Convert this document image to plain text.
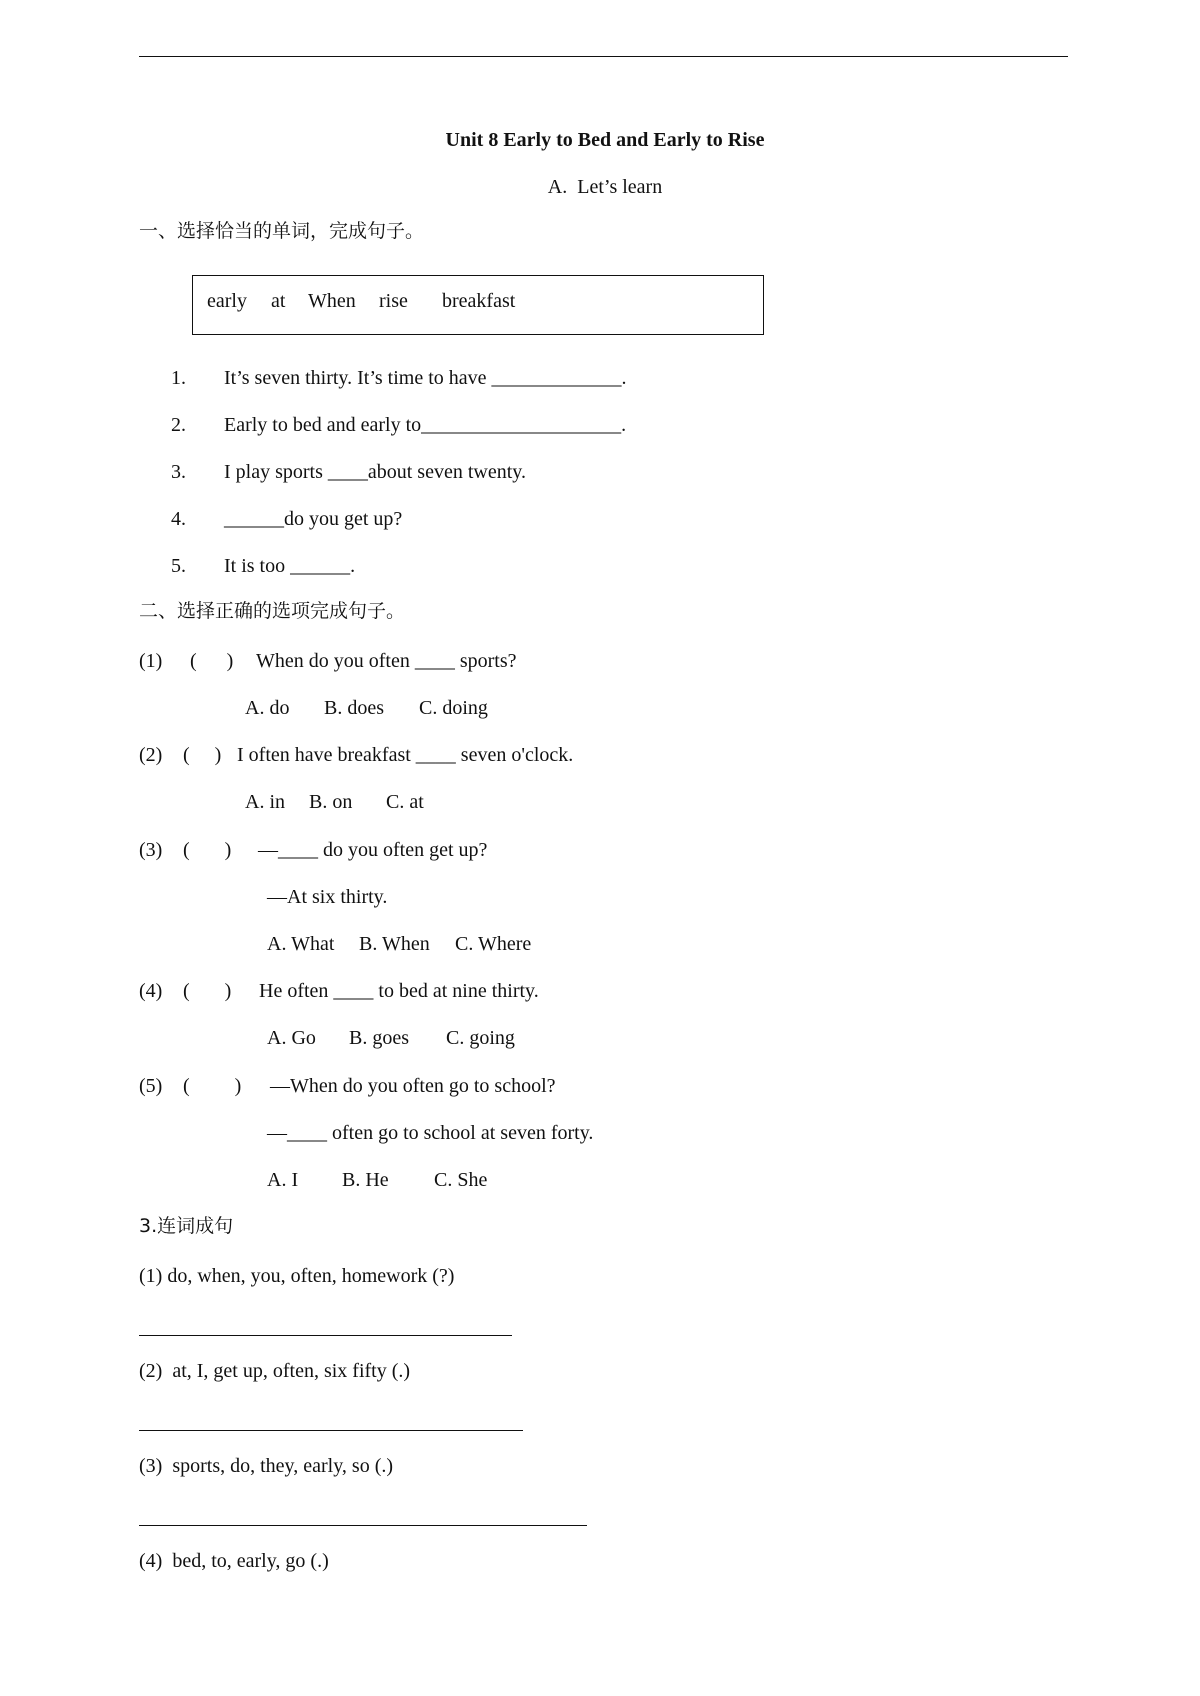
Unit 8 Early to Bed and Early to Rise
A.  Let’s learn
一、选择恰当的单词，完成句子。
early at When rise breakfast
1. It’s seven thirty. It’s time to have _____________.
2. Early to bed and early to____________________.
3. I play sports ____about seven twenty.
4. ______do you get up?
5. It is too ______.
二、选择正确的选项完成句子。
(1) (      ) When do you often ____ sports?
A. do B. does C. doing
(2) (     ) I often have breakfast ____ seven o'clock.
A. in B. on C. at
(3) (       ) —____ do you often get up?
—At six thirty.
A. What B. When C. Where
(4) (       ) He often ____ to bed at nine thirty.
A. Go B. goes C. going
(5) (         ) —When do you often go to school?
—____ often go to school at seven forty.
A. I B. He C. She
3.连词成句
(1) do, when, you, often, homework (?)
(2)  at, I, get up, often, six fifty (.)
(3)  sports, do, they, early, so (.)
(4)  bed, to, early, go (.)
